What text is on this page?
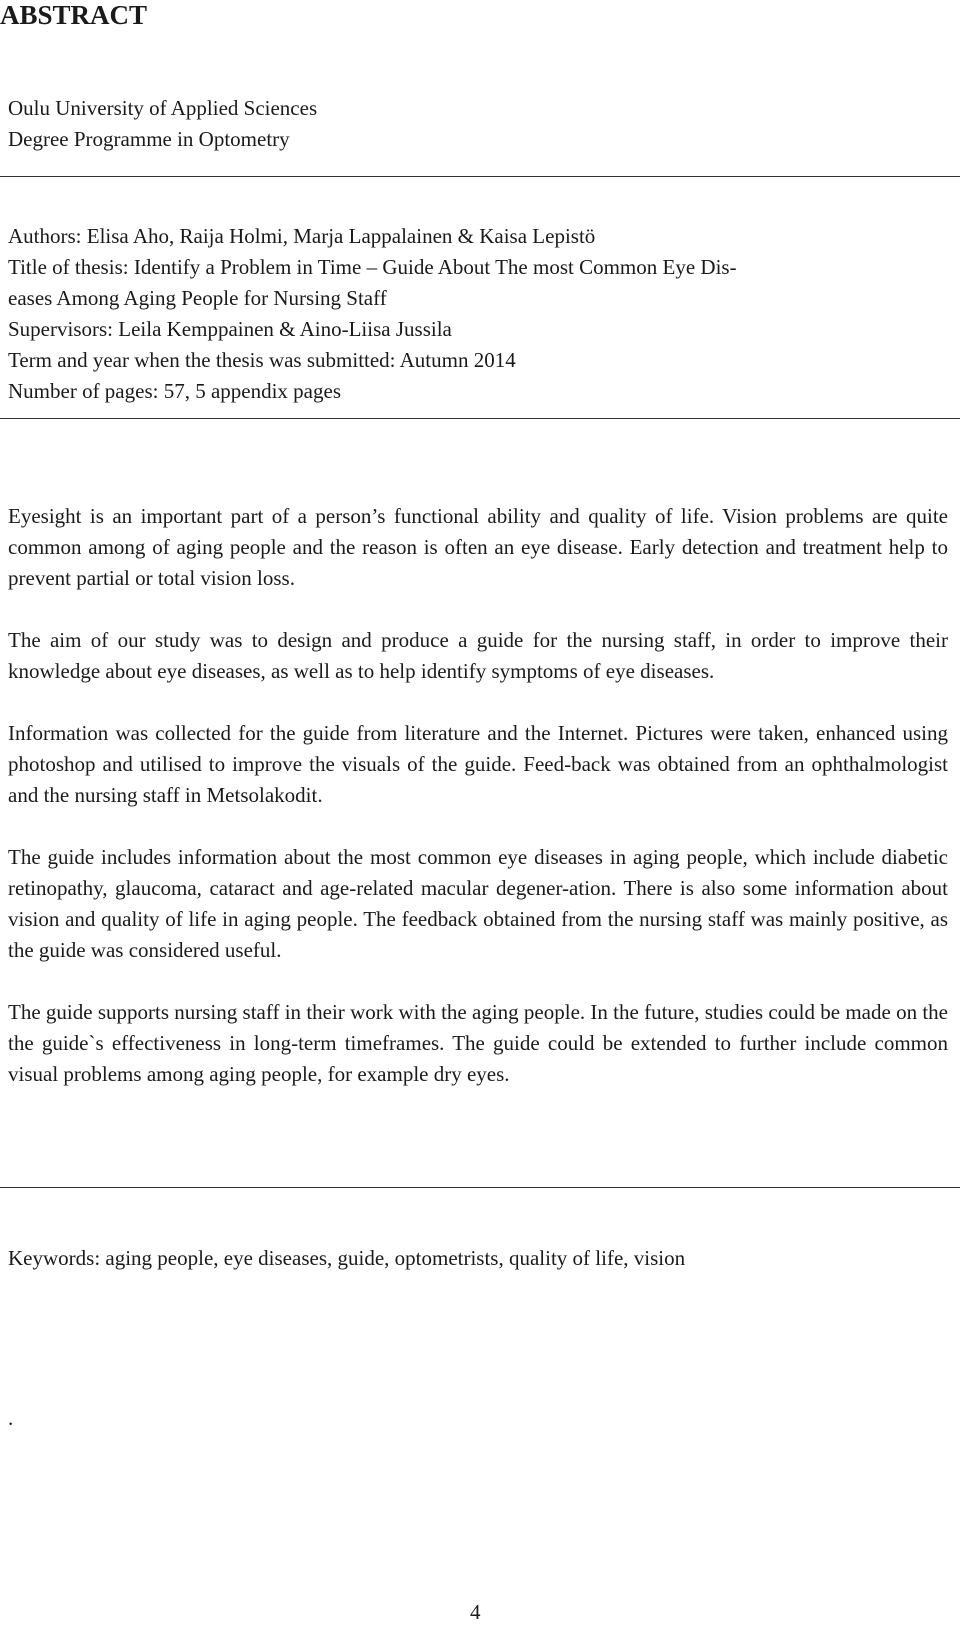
ABSTRACT
Oulu University of Applied Sciences
Degree Programme in Optometry
Authors: Elisa Aho, Raija Holmi, Marja Lappalainen & Kaisa Lepistö
Title of thesis: Identify a Problem in Time – Guide About The most Common Eye Dis-
eases Among Aging People for Nursing Staff
Supervisors: Leila Kemppainen & Aino-Liisa Jussila
Term and year when the thesis was submitted: Autumn 2014
Number of pages: 57, 5 appendix pages

Eyesight is an important part of a person’s functional ability and quality of life. Vision problems are quite common among of aging people and the reason is often an eye disease. Early detection and treatment help to prevent partial or total vision loss.

The aim of our study was to design and produce a guide for the nursing staff, in order to improve their knowledge about eye diseases, as well as to help identify symptoms of eye diseases.

Information was collected for the guide from literature and the Internet. Pictures were taken, enhanced using photoshop and utilised to improve the visuals of the guide. Feed-back was obtained from an ophthalmologist and the nursing staff in Metsolakodit.

The guide includes information about the most common eye diseases in aging people, which include diabetic retinopathy, glaucoma, cataract and age-related macular degener-ation. There is also some information about vision and quality of life in aging people. The feedback obtained from the nursing staff was mainly positive, as the guide was considered useful.

The guide supports nursing staff in their work with the aging people. In the future, studies could be made on the the guide`s effectiveness in long-term timeframes. The guide could be extended to further include common visual problems among aging people, for example dry eyes.

Keywords: aging people, eye diseases, guide, optometrists, quality of life, vision
.
4
